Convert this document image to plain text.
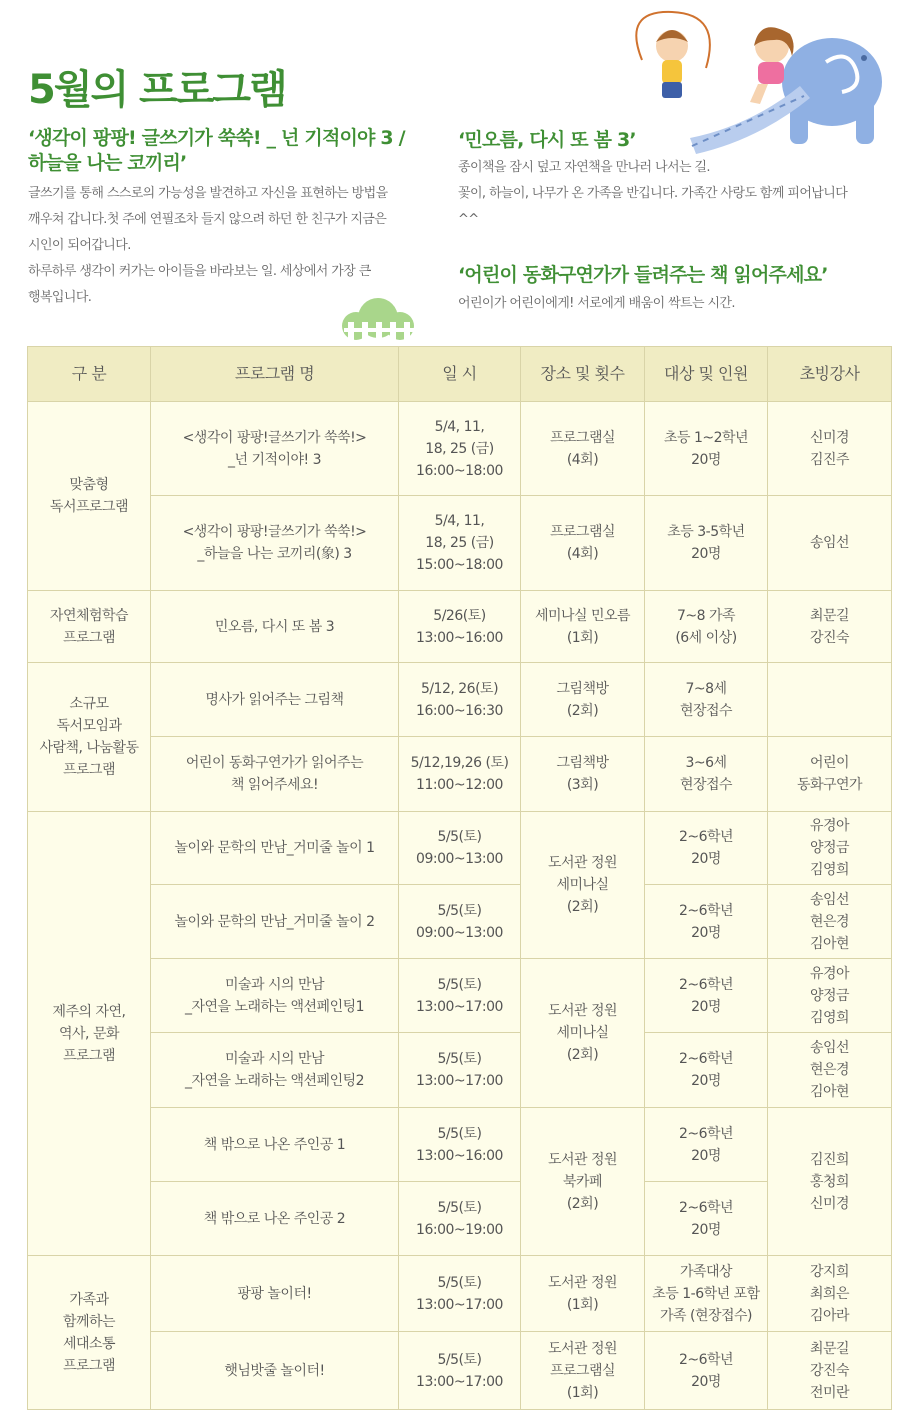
5월의 프로그램
‘생각이 팡팡! 글쓰기가 쑥쑥! _ 넌 기적이야 3 /
하늘을 나는 코끼리’

글쓰기를 통해 스스로의 가능성을 발견하고 자신을 표현하는 방법을
깨우쳐 갑니다.첫 주에 연필조차 들지 않으려 하던 한 친구가 지금은
시인이 되어갑니다.
하루하루 생각이 커가는 아이들을 바라보는 일. 세상에서 가장 큰
행복입니다.

‘민오름, 다시 또 봄 3’

종이책을 잠시 덮고 자연책을 만나러 나서는 길.
꽃이, 하늘이, 나무가 온 가족을 반깁니다. 가족간 사랑도 함께 피어납니다
^^

‘어린이 동화구연가가 들려주는 책 읽어주세요’

어린이가 어린이에게! 서로에게 배움이 싹트는 시간.

구 분	프로그램 명	일 시	장소 및 횟수	대상 및 인원	초빙강사
맞춤형
독서프로그램	<생각이 팡팡!글쓰기가 쑥쑥!>
_넌 기적이야! 3	5/4, 11,
18, 25 (금)
16:00~18:00	프로그램실
(4회)	초등 1~2학년
20명	신미경
김진주
	<생각이 팡팡!글쓰기가 쑥쑥!>
_하늘을 나는 코끼리(象) 3	5/4, 11,
18, 25 (금)
15:00~18:00	프로그램실
(4회)	초등 3-5학년
20명	송임선
자연체험학습
프로그램	민오름, 다시 또 봄 3	5/26(토)
13:00~16:00	세미나실 민오름
(1회)	7~8 가족
(6세 이상)	최문길
강진숙
소규모
독서모임과
사람책, 나눔활동
프로그램	명사가 읽어주는 그림책	5/12, 26(토)
16:00~16:30	그림책방
(2회)	7~8세
현장접수	
	어린이 동화구연가가 읽어주는
책 읽어주세요!	5/12,19,26 (토)
11:00~12:00	그림책방
(3회)	3~6세
현장접수	어린이
동화구연가
제주의 자연,
역사, 문화
프로그램	놀이와 문학의 만남_거미줄 놀이 1	5/5(토)
09:00~13:00	도서관 정원
세미나실
(2회)	2~6학년
20명	유경아
양정금
김영희
	놀이와 문학의 만남_거미줄 놀이 2	5/5(토)
09:00~13:00		2~6학년
20명	송임선
현은경
김아현
	미술과 시의 만남
_자연을 노래하는 액션페인팅1	5/5(토)
13:00~17:00	도서관 정원
세미나실
(2회)	2~6학년
20명	유경아
양정금
김영희
	미술과 시의 만남
_자연을 노래하는 액션페인팅2	5/5(토)
13:00~17:00		2~6학년
20명	송임선
현은경
김아현
	책 밖으로 나온 주인공 1	5/5(토)
13:00~16:00	도서관 정원
북카페
(2회)	2~6학년
20명	김진희
홍청희
신미경
	책 밖으로 나온 주인공 2	5/5(토)
16:00~19:00		2~6학년
20명	
가족과
함께하는
세대소통
프로그램	팡팡 놀이터!	5/5(토)
13:00~17:00	도서관 정원
(1회)	가족대상
초등 1-6학년 포함
가족 (현장접수)	강지희
최희은
김아라
	햇님밧줄 놀이터!	5/5(토)
13:00~17:00	도서관 정원
프로그램실
(1회)	2~6학년
20명	최문길
강진숙
전미란
